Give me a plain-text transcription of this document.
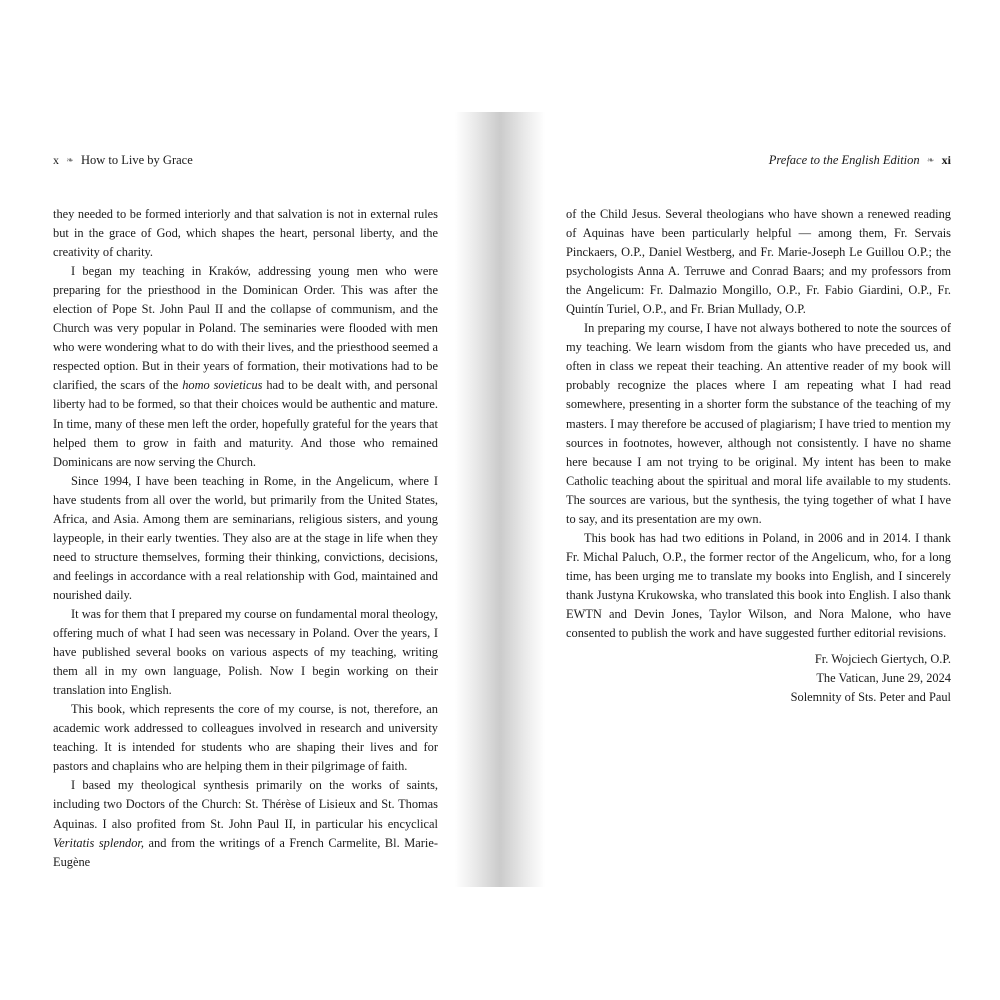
x ❧ How to Live by Grace

they needed to be formed interiorly and that salvation is not in external rules but in the grace of God, which shapes the heart, personal liberty, and the creativity of charity.

I began my teaching in Kraków, addressing young men who were preparing for the priesthood in the Dominican Order. This was after the election of Pope St. John Paul II and the collapse of communism, and the Church was very popular in Poland. The seminaries were flooded with men who were wondering what to do with their lives, and the priesthood seemed a respected option. But in their years of formation, their motivations had to be clarified, the scars of the homo sovieticus had to be dealt with, and personal liberty had to be formed, so that their choices would be authentic and mature. In time, many of these men left the order, hopefully grateful for the years that helped them to grow in faith and maturity. And those who remained Dominicans are now serving the Church.

Since 1994, I have been teaching in Rome, in the Angelicum, where I have students from all over the world, but primarily from the United States, Africa, and Asia. Among them are seminarians, religious sisters, and young laypeople, in their early twenties. They also are at the stage in life when they need to structure themselves, forming their thinking, convictions, decisions, and feelings in accordance with a real relationship with God, maintained and nourished daily.

It was for them that I prepared my course on fundamental moral theology, offering much of what I had seen was necessary in Poland. Over the years, I have published several books on various aspects of my teaching, writing them all in my own language, Polish. Now I begin working on their translation into English.

This book, which represents the core of my course, is not, therefore, an academic work addressed to colleagues involved in research and university teaching. It is intended for students who are shaping their lives and for pastors and chaplains who are helping them in their pilgrimage of faith.

I based my theological synthesis primarily on the works of saints, including two Doctors of the Church: St. Thérèse of Lisieux and St. Thomas Aquinas. I also profited from St. John Paul II, in particular his encyclical Veritatis splendor, and from the writings of a French Carmelite, Bl. Marie-Eugène

Preface to the English Edition ❧ xi

of the Child Jesus. Several theologians who have shown a renewed reading of Aquinas have been particularly helpful — among them, Fr. Servais Pinckaers, O.P., Daniel Westberg, and Fr. Marie-Joseph Le Guillou O.P.; the psychologists Anna A. Terruwe and Conrad Baars; and my professors from the Angelicum: Fr. Dalmazio Mongillo, O.P., Fr. Fabio Giardini, O.P., Fr. Quintín Turiel, O.P., and Fr. Brian Mullady, O.P.

In preparing my course, I have not always bothered to note the sources of my teaching. We learn wisdom from the giants who have preceded us, and often in class we repeat their teaching. An attentive reader of my book will probably recognize the places where I am repeating what I had read somewhere, presenting in a shorter form the substance of the teaching of my masters. I may therefore be accused of plagiarism; I have tried to mention my sources in footnotes, however, although not consistently. I have no shame here because I am not trying to be original. My intent has been to make Catholic teaching about the spiritual and moral life available to my students. The sources are various, but the synthesis, the tying together of what I have to say, and its presentation are my own.

This book has had two editions in Poland, in 2006 and in 2014. I thank Fr. Michal Paluch, O.P., the former rector of the Angelicum, who, for a long time, has been urging me to translate my books into English, and I sincerely thank Justyna Krukowska, who translated this book into English. I also thank EWTN and Devin Jones, Taylor Wilson, and Nora Malone, who have consented to publish the work and have suggested further editorial revisions.

Fr. Wojciech Giertych, O.P.
The Vatican, June 29, 2024
Solemnity of Sts. Peter and Paul
